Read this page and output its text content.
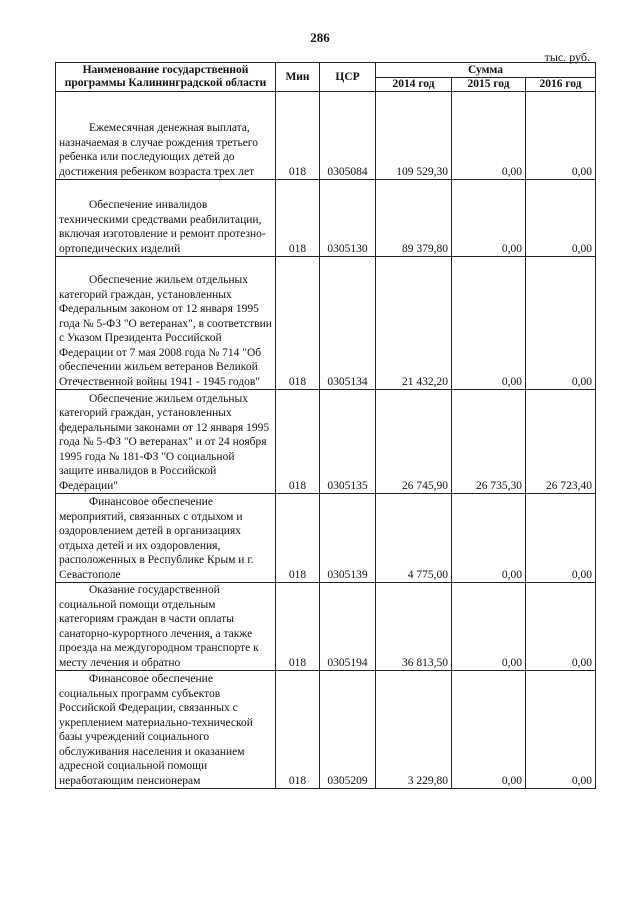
286
тыс. руб.
Наименование государственной программы Калининградской области	Мин	ЦСР	Сумма		
			2014 год	2015 год	2016 год
Ежемесячная денежная выплата, назначаемая в случае рождения третьего ребенка или последующих детей до достижения ребенком возраста трех лет	018	0305084	109 529,30	0,00	0,00
Обеспечение инвалидов техническими средствами реабилитации, включая изготовление и ремонт протезно-ортопедических изделий	018	0305130	89 379,80	0,00	0,00
Обеспечение жильем отдельных категорий граждан, установленных Федеральным законом от 12 января 1995 года № 5-ФЗ "О ветеранах", в соответствии с Указом Президента Российской Федерации от 7 мая 2008 года № 714 "Об обеспечении жильем ветеранов Великой Отечественной войны 1941 - 1945 годов"	018	0305134	21 432,20	0,00	0,00
Обеспечение жильем отдельных категорий граждан, установленных федеральными законами от 12 января 1995 года № 5-ФЗ "О ветеранах" и от 24 ноября 1995 года № 181-ФЗ "О социальной защите инвалидов в Российской Федерации"	018	0305135	26 745,90	26 735,30	26 723,40
Финансовое обеспечение мероприятий, связанных с отдыхом и оздоровлением детей в организациях отдыха детей и их оздоровления, расположенных в Республике Крым и г. Севастополе	018	0305139	4 775,00	0,00	0,00
Оказание государственной социальной помощи отдельным категориям граждан в части оплаты санаторно-курортного лечения, а также проезда на междугородном транспорте к месту лечения и обратно	018	0305194	36 813,50	0,00	0,00
Финансовое обеспечение социальных программ субъектов Российской Федерации, связанных с укреплением материально-технической базы учреждений социального обслуживания населения и оказанием адресной социальной помощи неработающим пенсионерам	018	0305209	3 229,80	0,00	0,00
